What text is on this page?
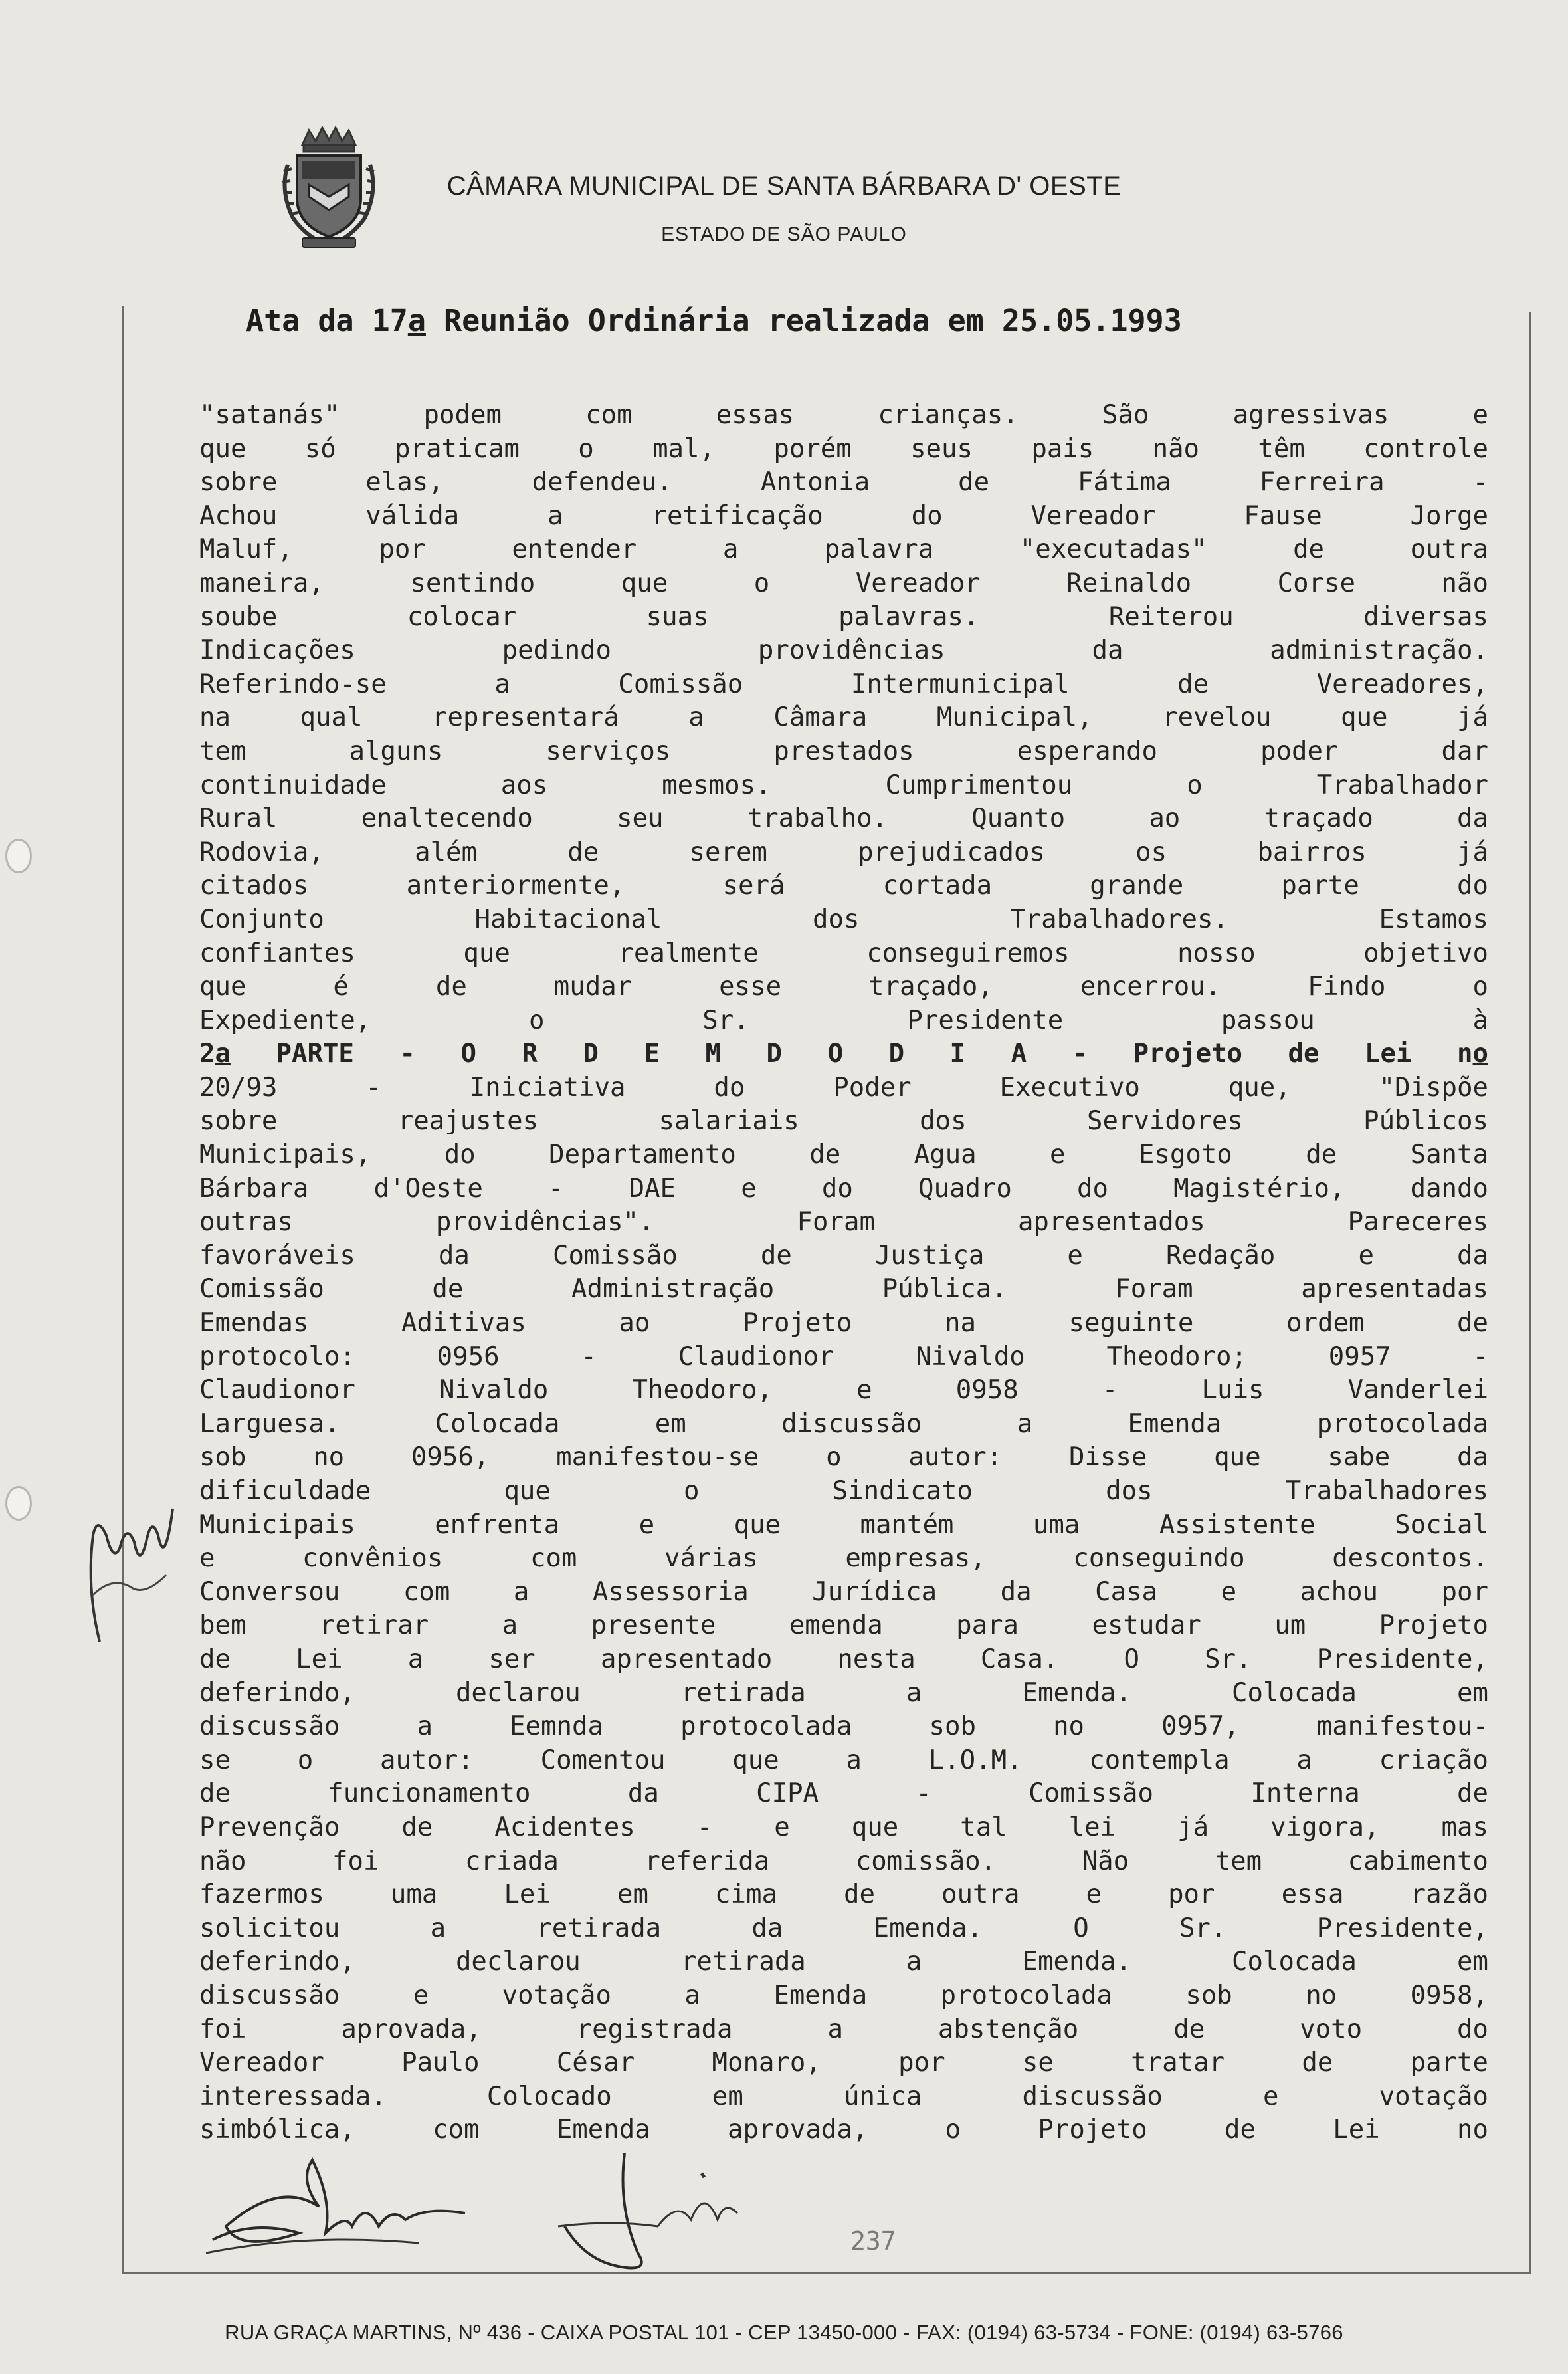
CÂMARA MUNICIPAL DE SANTA BÁRBARA D' OESTE
ESTADO DE SÃO PAULO
Ata da 17a Reunião Ordinária realizada em 25.05.1993
"satanás" podem com essas crianças. São agressivas e
que só praticam o mal, porém seus pais não têm controle
sobre elas, defendeu. Antonia de Fátima Ferreira -
Achou válida a retificação do Vereador Fause Jorge
Maluf, por entender a palavra "executadas" de outra
maneira, sentindo que o Vereador Reinaldo Corse não
soube colocar suas palavras. Reiterou diversas
Indicações pedindo providências da administração.
Referindo-se a Comissão Intermunicipal de Vereadores,
na qual representará a Câmara Municipal, revelou que já
tem alguns serviços prestados esperando poder dar
continuidade aos mesmos. Cumprimentou o Trabalhador
Rural enaltecendo seu trabalho. Quanto ao traçado da
Rodovia, além de serem prejudicados os bairros já
citados anteriormente, será cortada grande parte do
Conjunto Habitacional dos Trabalhadores. Estamos
confiantes que realmente conseguiremos nosso objetivo
que é de mudar esse traçado, encerrou. Findo o
Expediente, o Sr. Presidente passou à
2a PARTE - O R D E M D O D I A - Projeto de Lei no
20/93 - Iniciativa do Poder Executivo que, "Dispõe
sobre reajustes salariais dos Servidores Públicos
Municipais, do Departamento de Agua e Esgoto de Santa
Bárbara d'Oeste - DAE e do Quadro do Magistério, dando
outras providências". Foram apresentados Pareceres
favoráveis da Comissão de Justiça e Redação e da
Comissão de Administração Pública. Foram apresentadas
Emendas Aditivas ao Projeto na seguinte ordem de
protocolo: 0956 - Claudionor Nivaldo Theodoro; 0957 -
Claudionor Nivaldo Theodoro, e 0958 - Luis Vanderlei
Larguesa. Colocada em discussão a Emenda protocolada
sob no 0956, manifestou-se o autor: Disse que sabe da
dificuldade que o Sindicato dos Trabalhadores
Municipais enfrenta e que mantém uma Assistente Social
e convênios com várias empresas, conseguindo descontos.
Conversou com a Assessoria Jurídica da Casa e achou por
bem retirar a presente emenda para estudar um Projeto
de Lei a ser apresentado nesta Casa. O Sr. Presidente,
deferindo, declarou retirada a Emenda. Colocada em
discussão a Eemnda protocolada sob no 0957, manifestou-
se o autor: Comentou que a L.O.M. contempla a criação
de funcionamento da CIPA - Comissão Interna de
Prevenção de Acidentes - e que tal lei já vigora, mas
não foi criada referida comissão. Não tem cabimento
fazermos uma Lei em cima de outra e por essa razão
solicitou a retirada da Emenda. O Sr. Presidente,
deferindo, declarou retirada a Emenda. Colocada em
discussão e votação a Emenda protocolada sob no 0958,
foi aprovada, registrada a abstenção de voto do
Vereador Paulo César Monaro, por se tratar de parte
interessada. Colocado em única discussão e votação
simbólica, com Emenda aprovada, o Projeto de Lei no
237
RUA GRAÇA MARTINS, Nº 436 - CAIXA POSTAL 101 - CEP 13450-000 - FAX: (0194) 63-5734 - FONE: (0194) 63-5766
